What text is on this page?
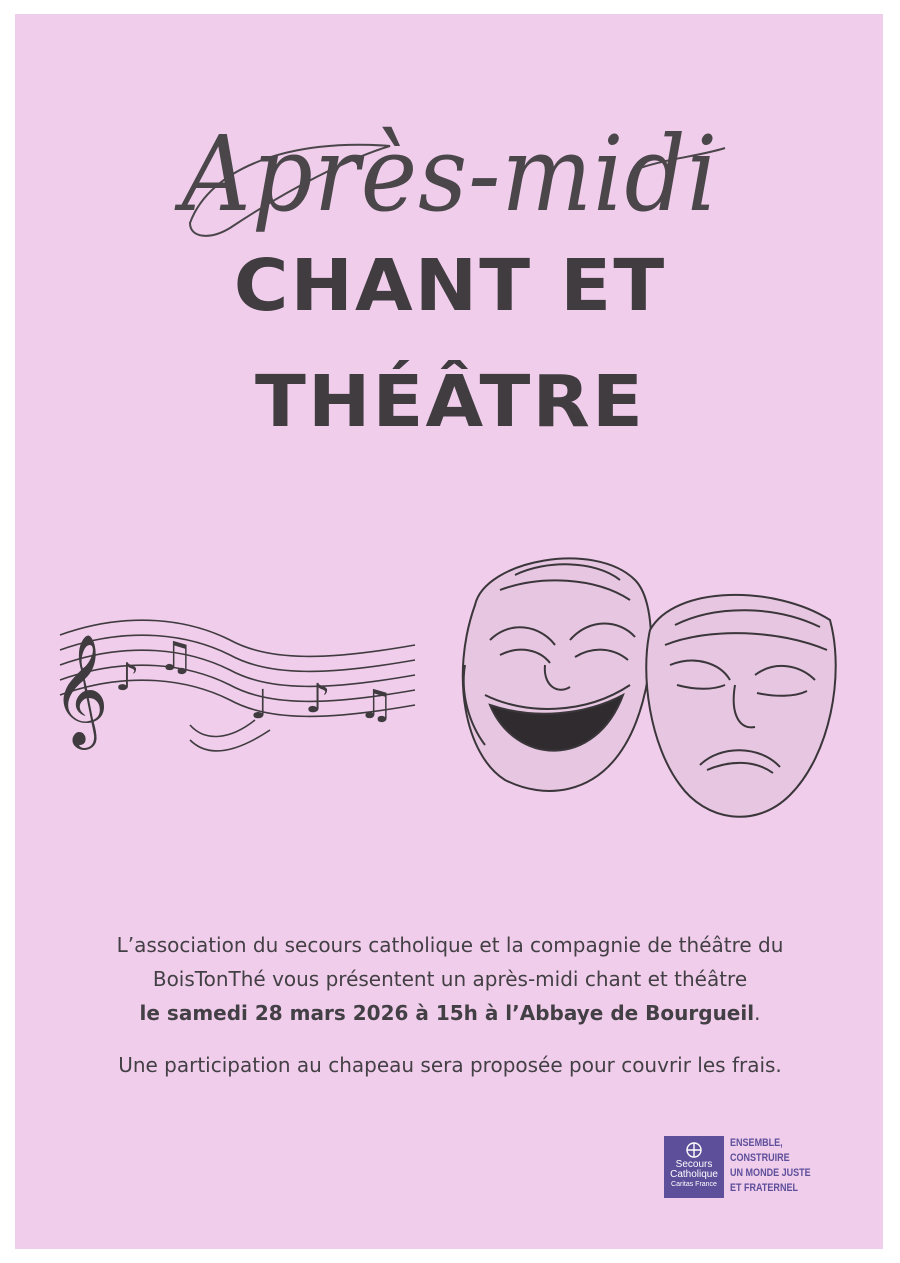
Après-midi
CHANT ET
THÉÂTRE
𝄞 ♪ ♫
♩ ♪ ♫

L’association du secours catholique et la compagnie de théâtre du

BoisTonThé vous présentent un après-midi chant et théâtre

le samedi 28 mars 2026 à 15h à l’Abbaye de Bourgueil.

Une participation au chapeau sera proposée pour couvrir les frais.

Secours
Catholique
Caritas France
ENSEMBLE,
CONSTRUIRE
UN MONDE JUSTE
ET FRATERNEL
